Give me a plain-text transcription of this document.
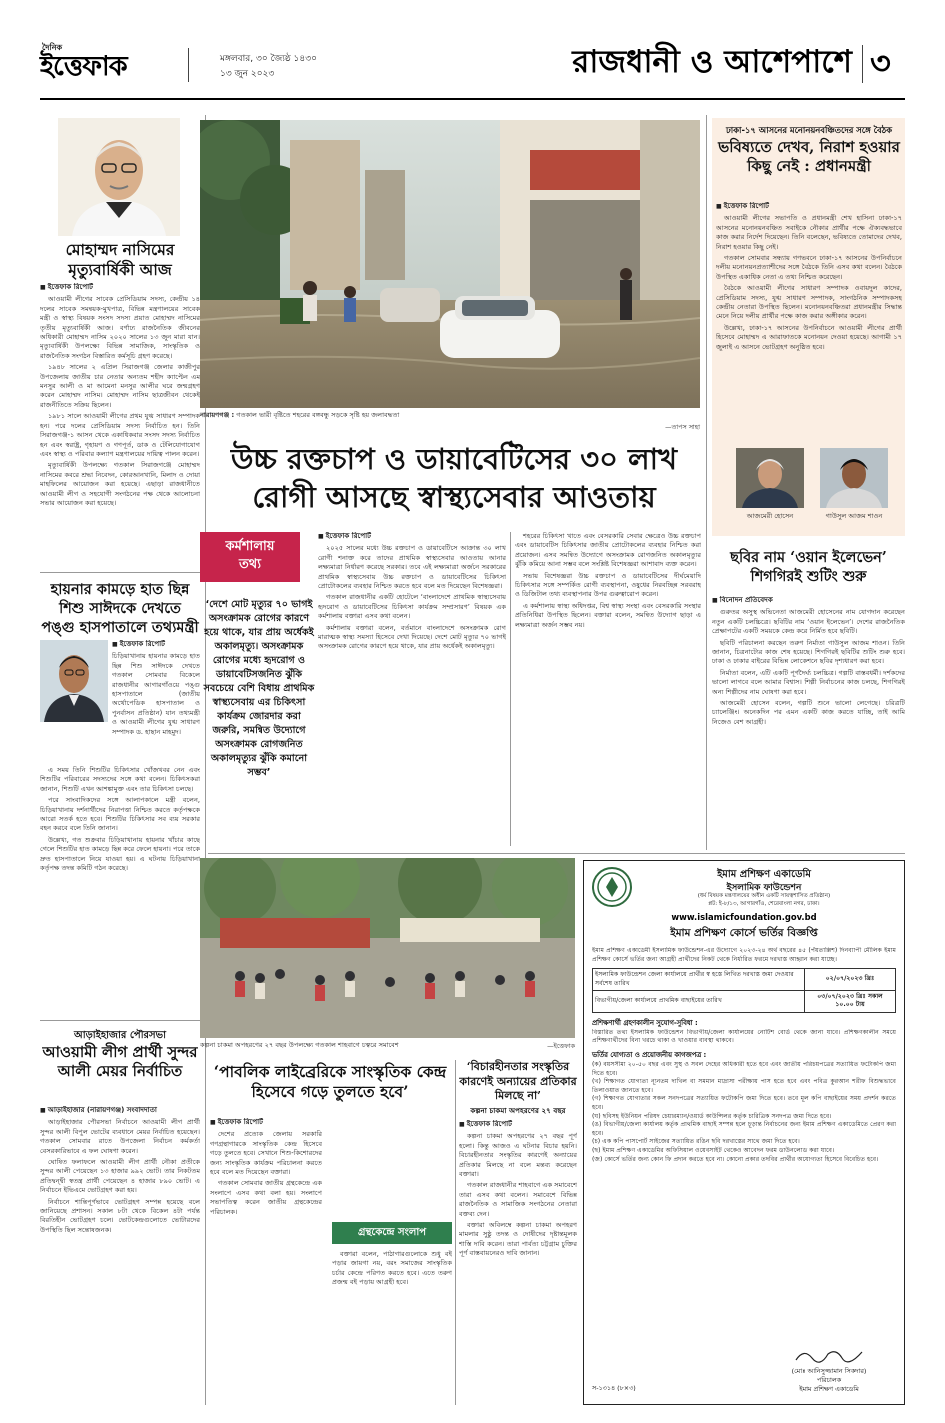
দৈনিক
ইত্তেফাক	মঙ্গলবার, ৩০ জ্যৈষ্ঠ ১৪৩০
১৩ জুন ২০২৩	রাজধানী ও আশেপাশে ৩
মোহাম্মদ নাসিমের মৃত্যুবার্ষিকী আজ
■ ইত্তেফাক রিপোর্ট

আওয়ামী লীগের সাবেক প্রেসিডিয়াম সদস্য, কেন্দ্রীয় ১৪ দলের সাবেক সমন্বয়ক-মুখপাত্র, বিভিন্ন মন্ত্রণালয়ের সাবেক মন্ত্রী ও স্বাস্থ্য বিষয়ক সংসদ সদস্য প্রয়াত মোহাম্মদ নাসিমের তৃতীয় মৃত্যুবার্ষিকী আজ। বর্ণাঢ্য রাজনৈতিক জীবনের অধিকারী মোহাম্মদ নাসিম ২০২০ সালের ১৩ জুন মারা যান। মৃত্যুবার্ষিকী উপলক্ষ্যে বিভিন্ন সামাজিক, সাংস্কৃতিক ও রাজনৈতিক সংগঠন বিস্তারিত কর্মসূচি গ্রহণ করেছে।

১৯৪৮ সালের ২ এপ্রিল সিরাজগঞ্জ জেলার কাজীপুর উপজেলায় জাতীয় চার নেতার অন্যতম শহীদ ক্যাপ্টেন এম মনসুর আলী ও মা আমেনা মনসুর আলীর ঘরে জন্মগ্রহণ করেন মোহাম্মদ নাসিম। মোহাম্মদ নাসিম ছাত্রজীবন থেকেই রাজনীতিতে সক্রিয় ছিলেন।

১৯৮১ সালে আওয়ামী লীগের প্রথম যুগ্ম সাধারণ সম্পাদক হন। পরে দলের প্রেসিডিয়াম সদস্য নির্বাচিত হন। তিনি সিরাজগঞ্জ-১ আসন থেকে একাধিকবার সংসদ সদস্য নির্বাচিত হন এবং স্বরাষ্ট্র, গৃহায়ণ ও গণপূর্ত, ডাক ও টেলিযোগাযোগ এবং স্বাস্থ্য ও পরিবার কল্যাণ মন্ত্রণালয়ের দায়িত্ব পালন করেন।

মৃত্যুবার্ষিকী উপলক্ষ্যে গতকাল সিরাজগঞ্জে মোহাম্মদ নাসিমের কবরে শ্রদ্ধা নিবেদন, কোরআনখানি, মিলাদ ও দোয়া মাহফিলের আয়োজন করা হয়েছে। এছাড়া রাজধানীতে আওয়ামী লীগ ও সহযোগী সংগঠনের পক্ষ থেকে আলোচনা সভার আয়োজন করা হয়েছে।

হায়নার কামড়ে হাত ছিন্ন শিশু সাঈদকে দেখতে পঙ্গু হাসপাতালে তথ্যমন্ত্রী
■ ইত্তেফাক রিপোর্ট

চিড়িয়াখানায় হায়নার কামড়ে হাত ছিন্ন শিশু সাঈদকে দেখতে গতকাল সোমবার বিকেলে রাজধানীর আগারগাঁওয়ে পঙ্গু হাসপাতালে (জাতীয় অর্থোপেডিক হাসপাতাল ও পুনর্বাসন প্রতিষ্ঠান) যান তথ্যমন্ত্রী ও আওয়ামী লীগের যুগ্ম সাধারণ সম্পাদক ড. হাছান মাহমুদ।

এ সময় তিনি শিশুটির চিকিৎসার খোঁজখবর নেন এবং শিশুটির পরিবারের সদস্যদের সঙ্গে কথা বলেন। চিকিৎসকরা জানান, শিশুটি এখন আশঙ্কামুক্ত এবং তার চিকিৎসা চলছে।

পরে সাংবাদিকদের সঙ্গে আলাপকালে মন্ত্রী বলেন, চিড়িয়াখানায় দর্শনার্থীদের নিরাপত্তা নিশ্চিত করতে কর্তৃপক্ষকে আরো সতর্ক হতে হবে। শিশুটির চিকিৎসার সব ব্যয় সরকার বহন করবে বলে তিনি জানান।

উল্লেখ্য, গত শুক্রবার চিড়িয়াখানায় হায়নার খাঁচার কাছে গেলে শিশুটির হাত কামড়ে ছিন্ন করে ফেলে হায়না। পরে তাকে দ্রুত হাসপাতালে নিয়ে যাওয়া হয়। এ ঘটনায় চিড়িয়াখানা কর্তৃপক্ষ তদন্ত কমিটি গঠন করেছে।

আড়াইহাজার পৌরসভা
আওয়ামী লীগ প্রার্থী সুন্দর আলী মেয়র নির্বাচিত
■ আড়াইহাজার (নারায়ণগঞ্জ) সংবাদদাতা

আড়াইহাজার পৌরসভা নির্বাচনে আওয়ামী লীগ প্রার্থী সুন্দর আলী বিপুল ভোটের ব্যবধানে মেয়র নির্বাচিত হয়েছেন। গতকাল সোমবার রাতে উপজেলা নির্বাচন কর্মকর্তা বেসরকারিভাবে এ ফল ঘোষণা করেন।

ঘোষিত ফলাফলে আওয়ামী লীগ প্রার্থী নৌকা প্রতীকে সুন্দর আলী পেয়েছেন ১৩ হাজার ৯৯২ ভোট। তার নিকটতম প্রতিদ্বন্দ্বী স্বতন্ত্র প্রার্থী পেয়েছেন ৪ হাজার ৮৯০ ভোট। এ নির্বাচনে ইভিএমে ভোটগ্রহণ করা হয়।

নির্বাচনে শান্তিপূর্ণভাবে ভোটগ্রহণ সম্পন্ন হয়েছে বলে জানিয়েছে প্রশাসন। সকাল ৮টা থেকে বিকেল ৪টা পর্যন্ত বিরতিহীন ভোটগ্রহণ চলে। ভোটকেন্দ্রগুলোতে ভোটারদের উপস্থিতি ছিল সন্তোষজনক।

নারায়ণগঞ্জ : গতকাল ভারী বৃষ্টিতে শহরের বঙ্গবন্ধু সড়কে সৃষ্টি হয় জলাবদ্ধতা
—তাপস সাহা
উচ্চ রক্তচাপ ও ডায়াবেটিসের ৩০ লাখ
রোগী আসছে স্বাস্থ্যসেবার আওতায়
কর্মশালায়
তথ্য
‘দেশে মোট মৃত্যুর ৭০ ভাগই অসংক্রামক রোগের কারণে হয়ে থাকে, যার প্রায় অর্ধেকই অকালমৃত্যু। অসংক্রামক রোগের মধ্যে হৃদরোগ ও ডায়াবেটিসজনিত ঝুঁকি সবচেয়ে বেশি বিধায় প্রাথমিক স্বাস্থ্যসেবায় এর চিকিৎসা কার্যক্রম জোরদার করা জরুরি, সমন্বিত উদ্যোগে অসংক্রামক রোগজনিত অকালমৃত্যুর ঝুঁকি কমানো সম্ভব’
■ ইত্তেফাক রিপোর্ট

২০২৫ সালের মধ্যে উচ্চ রক্তচাপ ও ডায়াবেটিসে আক্রান্ত ৩০ লাখ রোগী শনাক্ত করে তাদের প্রাথমিক স্বাস্থ্যসেবার আওতায় আনার লক্ষ্যমাত্রা নির্ধারণ করেছে সরকার। তবে এই লক্ষ্যমাত্রা অর্জনে সরকারের প্রাথমিক স্বাস্থ্যসেবায় উচ্চ রক্তচাপ ও ডায়াবেটিসের চিকিৎসা প্রোটোকলের ব্যবহার নিশ্চিত করতে হবে বলে মত দিয়েছেন বিশেষজ্ঞরা।

গতকাল রাজধানীর একটি হোটেলে ‘বাংলাদেশে প্রাথমিক স্বাস্থ্যসেবায় হৃদরোগ ও ডায়াবেটিসের চিকিৎসা কার্যক্রম সম্প্রসারণ’ বিষয়ক এক কর্মশালায় বক্তারা এসব কথা বলেন।

কর্মশালায় বক্তারা বলেন, বর্তমানে বাংলাদেশে অসংক্রামক রোগ মারাত্মক স্বাস্থ্য সমস্যা হিসেবে দেখা দিয়েছে। দেশে মোট মৃত্যুর ৭০ ভাগই অসংক্রামক রোগের কারণে হয়ে থাকে, যার প্রায় অর্ধেকই অকালমৃত্যু।

শহরের চিকিৎসা খাতে এবং বেসরকারি সেবার ক্ষেত্রেও উচ্চ রক্তচাপ এবং ডায়াবেটিস চিকিৎসার জাতীয় প্রোটোকলের ব্যবহার নিশ্চিত করা প্রয়োজন। এসব সমন্বিত উদ্যোগে অসংক্রামক রোগজনিত অকালমৃত্যুর ঝুঁকি কমিয়ে আনা সম্ভব বলে সংশ্লিষ্ট বিশেষজ্ঞরা আশাবাদ ব্যক্ত করেন।

সভায় বিশেষজ্ঞরা উচ্চ রক্তচাপ ও ডায়াবেটিসের দীর্ঘমেয়াদি চিকিৎসার সঙ্গে সম্পর্কিত রোগী ব্যবস্থাপনা, ওষুধের নিরবচ্ছিন্ন সরবরাহ ও ডিজিটাল তথ্য ব্যবস্থাপনার উপর গুরুত্বারোপ করেন।

এ কর্মশালায় স্বাস্থ্য অধিদপ্তর, বিশ্ব স্বাস্থ্য সংস্থা এবং বেসরকারি সংস্থার প্রতিনিধিরা উপস্থিত ছিলেন। বক্তারা বলেন, সমন্বিত উদ্যোগ ছাড়া এ লক্ষ্যমাত্রা অর্জন সম্ভব নয়।

ঢাকা-১৭ আসনের মনোনয়নবঞ্চিতদের সঙ্গে বৈঠক
ভবিষ্যতে দেখব, নিরাশ হওয়ার কিছু নেই : প্রধানমন্ত্রী
■ ইত্তেফাক রিপোর্ট

আওয়ামী লীগের সভাপতি ও প্রধানমন্ত্রী শেখ হাসিনা ঢাকা-১৭ আসনের মনোনয়নবঞ্চিত সবাইকে নৌকার প্রার্থীর পক্ষে ঐক্যবদ্ধভাবে কাজ করার নির্দেশ দিয়েছেন। তিনি বলেছেন, ভবিষ্যতে তোমাদের দেখব, নিরাশ হওয়ার কিছু নেই।

গতকাল সোমবার সন্ধ্যায় গণভবনে ঢাকা-১৭ আসনের উপনির্বাচনে দলীয় মনোনয়নপ্রত্যাশীদের সঙ্গে বৈঠকে তিনি এসব কথা বলেন। বৈঠকে উপস্থিত একাধিক নেতা এ তথ্য নিশ্চিত করেছেন।

বৈঠকে আওয়ামী লীগের সাধারণ সম্পাদক ওবায়দুল কাদের, প্রেসিডিয়াম সদস্য, যুগ্ম সাধারণ সম্পাদক, সাংগঠনিক সম্পাদকসহ কেন্দ্রীয় নেতারা উপস্থিত ছিলেন। মনোনয়নবঞ্চিতরা প্রধানমন্ত্রীর সিদ্ধান্ত মেনে নিয়ে দলীয় প্রার্থীর পক্ষে কাজ করার অঙ্গীকার করেন।

উল্লেখ্য, ঢাকা-১৭ আসনের উপনির্বাচনে আওয়ামী লীগের প্রার্থী হিসেবে মোহাম্মদ এ আরাফাতকে মনোনয়ন দেওয়া হয়েছে। আগামী ১৭ জুলাই এ আসনে ভোটগ্রহণ অনুষ্ঠিত হবে।

আজমেরী হোসেন	গাউসুল আজম শাওন
ছবির নাম ‘ওয়ান ইলেভেন’ শিগগিরই শুটিং শুরু
■ বিনোদন প্রতিবেদক

গুরুতর অসুস্থ অভিনেতা আজমেরী হোসেনের নাম যোগদান করেছেন নতুন একটি চলচ্চিত্রে। ছবিটির নাম ‘ওয়ান ইলেভেন’। দেশের রাজনৈতিক প্রেক্ষাপটের একটি সময়কে কেন্দ্র করে নির্মিত হবে ছবিটি।

ছবিটি পরিচালনা করছেন তরুণ নির্মাতা গাউসুল আজম শাওন। তিনি জানান, চিত্রনাট্যের কাজ শেষ হয়েছে। শিগগিরই ছবিটির শুটিং শুরু হবে। ঢাকা ও ঢাকার বাইরের বিভিন্ন লোকেশনে ছবির দৃশ্যধারণ করা হবে।

নির্মাতা বলেন, এটি একটি পূর্ণদৈর্ঘ্য চলচ্চিত্র। গল্পটি বাস্তবধর্মী। দর্শকদের ভালো লাগবে বলে আমার বিশ্বাস। শিল্পী নির্বাচনের কাজ চলছে, শিগগিরই অন্য শিল্পীদের নাম ঘোষণা করা হবে।

আজমেরী হোসেন বলেন, গল্পটি শুনে ভালো লেগেছে। চরিত্রটি চ্যালেঞ্জিং। অনেকদিন পর এমন একটি কাজ করতে যাচ্ছি, তাই আমি নিজেও বেশ আগ্রহী।

কল্পনা চাকমা অপহরণের ২৭ বছর উপলক্ষ্যে গতকাল শাহবাগে চত্বরে সমাবেশ	—ইত্তেফাক
‘পাবলিক লাইব্রেরিকে সাংস্কৃতিক কেন্দ্র হিসেবে গড়ে তুলতে হবে’
■ ইত্তেফাক রিপোর্ট

দেশের প্রত্যেক জেলায় সরকারি গণগ্রন্থাগারকে সাংস্কৃতিক কেন্দ্র হিসেবে গড়ে তুলতে হবে। সেখানে শিশু-কিশোরদের জন্য সাংস্কৃতিক কার্যক্রম পরিচালনা করতে হবে বলে মত দিয়েছেন বক্তারা।

গতকাল সোমবার জাতীয় গ্রন্থকেন্দ্রে এক সংলাপে এসব কথা বলা হয়। সংলাপে সভাপতিত্ব করেন জাতীয় গ্রন্থকেন্দ্রের পরিচালক।

গ্রন্থকেন্দ্রে সংলাপ

বক্তারা বলেন, পাঠাগারগুলোকে শুধু বই পড়ার জায়গা নয়, বরং সমাজের সাংস্কৃতিক চর্চার কেন্দ্রে পরিণত করতে হবে। এতে তরুণ প্রজন্ম বই পড়ায় আগ্রহী হবে।

‘বিচারহীনতার সংস্কৃতির কারণেই অন্যায়ের প্রতিকার মিলছে না’
কল্পনা চাকমা অপহরণের ২৭ বছর
■ ইত্তেফাক রিপোর্ট

কল্পনা চাকমা অপহরণের ২৭ বছর পূর্ণ হলো। কিন্তু আজও এ ঘটনার বিচার হয়নি। বিচারহীনতার সংস্কৃতির কারণেই অন্যায়ের প্রতিকার মিলছে না বলে মন্তব্য করেছেন বক্তারা।

গতকাল রাজধানীর শাহবাগে এক সমাবেশে তারা এসব কথা বলেন। সমাবেশে বিভিন্ন রাজনৈতিক ও সামাজিক সংগঠনের নেতারা বক্তব্য দেন।

বক্তারা অবিলম্বে কল্পনা চাকমা অপহরণ মামলার সুষ্ঠু তদন্ত ও দোষীদের দৃষ্টান্তমূলক শাস্তি দাবি করেন। তারা পার্বত্য চট্টগ্রাম চুক্তির পূর্ণ বাস্তবায়নেরও দাবি জানান।

ইমাম প্রশিক্ষণ একাডেমি
ইসলামিক ফাউন্ডেশন
(ধর্ম বিষয়ক মন্ত্রণালয়ের অধীন একটি সায়ত্বশাসিত প্রতিষ্ঠান)
প্লট: ই-৮/১৩, আগারগাঁও, শেরেবাংলা নগর, ঢাকা।
www.islamicfoundation.gov.bd
ইমাম প্রশিক্ষণ কোর্সে ভর্তির বিজ্ঞপ্তি
ইমাম প্রশিক্ষণ একাডেমী ইসলামিক ফাউন্ডেশন-এর উদ্যোগে ২০২৩-২৪ অর্থ বছরের ৪৫ (পঁয়তাল্লিশ) দিনব্যাপী মৌলিক ইমাম প্রশিক্ষণ কোর্সে ভর্তির জন্য আগ্রহী প্রার্থীদের নিকট থেকে নির্ধারিত ফরমে দরখাস্ত আহ্বান করা যাচ্ছে।
ইসলামিক ফাউন্ডেশন জেলা কার্যালয়ে প্রার্থীর স্ব হস্তে লিখিত দরখাস্ত জমা দেওয়ার সর্বশেষ তারিখ	০২/০৭/২০২৩ খ্রিঃ
বিভাগীয়/জেলা কার্যালয়ে প্রাথমিক বাছাইয়ের তারিখ	০৩/০৭/২০২৩ খ্রিঃ সকাল ১০.০০ টায়
প্রশিক্ষণার্থী গ্রহণকালীন সুযোগ-সুবিধা :
বিস্তারিত তথ্য ইসলামিক ফাউন্ডেশন বিভাগীয়/জেলা কার্যালয়ের নোটিশ বোর্ড থেকে জানা যাবে। প্রশিক্ষণকালীন সময়ে প্রশিক্ষণার্থীদের বিনা খরচে থাকা ও খাওয়ার ব্যবস্থা থাকবে।
ভর্তির যোগ্যতা ও প্রয়োজনীয় কাগজপত্র :
(ক) বয়সসীমা ২০-৫০ বছর এবং সুস্থ ও সবল দেহের অধিকারী হতে হবে এবং জাতীয় পরিচয়পত্রের সত্যায়িত ফটোকপি জমা দিতে হবে।
(খ) শিক্ষাগত যোগ্যতা ন্যূনতম দাখিল বা সমমান মাদ্রাসা পরীক্ষায় পাস হতে হবে এবং পবিত্র কুরআন শরীফ বিশুদ্ধভাবে তিলাওয়াত জানতে হবে।
(গ) শিক্ষাগত যোগ্যতার সকল সনদপত্রের সত্যায়িত ফটোকপি জমা দিতে হবে। তবে মূল কপি বাছাইয়ের সময় প্রদর্শন করতে হবে।
(ঘ) ছবিসহ ইউনিয়ন পরিষদ চেয়ারম্যান/ওয়ার্ড কাউন্সিলর কর্তৃক চারিত্রিক সনদপত্র জমা দিতে হবে।
(ঙ) বিভাগীয়/জেলা কার্যালয় কর্তৃক প্রাথমিক বাছাই সম্পন্ন হলে চূড়ান্ত নির্বাচনের জন্য ইমাম প্রশিক্ষণ একাডেমিতে প্রেরণ করা হবে।
(চ) এক কপি পাসপোর্ট সাইজের সত্যায়িত রঙিন ছবি দরখাস্তের সাথে জমা দিতে হবে।
(ছ) ইমাম প্রশিক্ষণ একাডেমির অফিসিয়াল ওয়েবসাইট থেকেও আবেদন ফরম ডাউনলোড করা যাবে।
(জ) কোর্সে ভর্তির জন্য কোন ফি প্রদান করতে হবে না। কোনো প্রকার তদবির প্রার্থীর অযোগ্যতা হিসেবে বিবেচিত হবে।
(মোঃ আনিসুজ্জামান সিকদার)
পরিচালক
ইমাম প্রশিক্ষণ একাডেমি
স-১৩১৪ (৮×৩)
